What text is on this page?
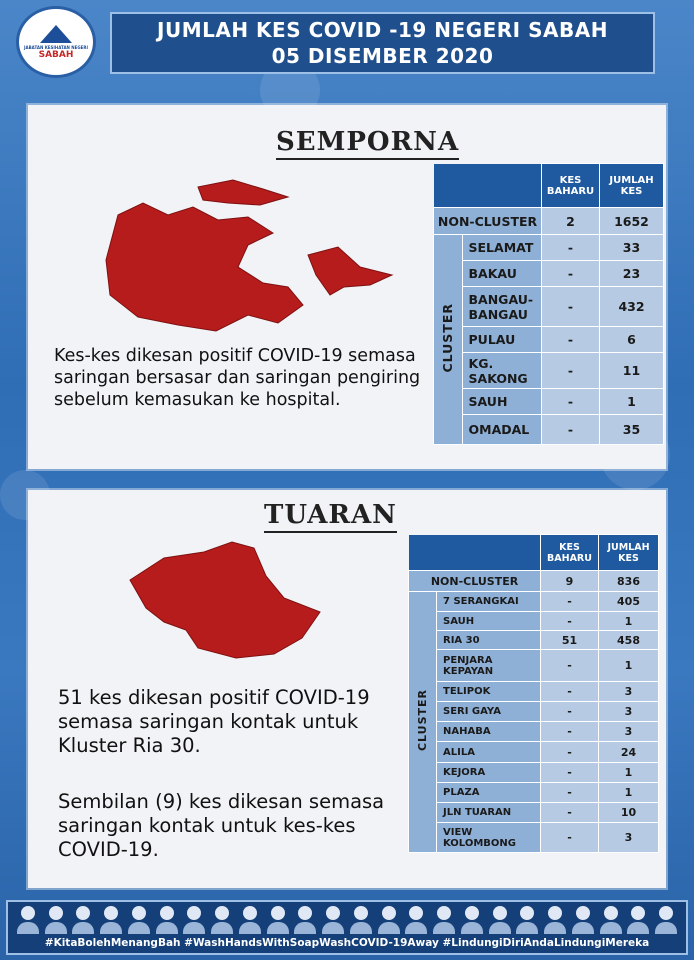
JABATAN KESIHATAN NEGERI
SABAH
JUMLAH KES COVID -19 NEGERI SABAH
05 DISEMBER 2020
SEMPORNA
Kes-kes dikesan positif COVID-19 semasa saringan bersasar dan saringan pengiring sebelum kemasukan ke hospital.
		KES BAHARU	JUMLAH KES
NON-CLUSTER		2	1652
CLUSTER	SELAMAT	-	33
	BAKAU	-	23
	BANGAU-BANGAU	-	432
	PULAU	-	6
	KG. SAKONG	-	11
	SAUH	-	1
	OMADAL	-	35
TUARAN
51 kes dikesan positif COVID-19 semasa saringan kontak untuk Kluster Ria 30.
Sembilan (9) kes dikesan semasa saringan kontak untuk kes-kes COVID-19.
		KES BAHARU	JUMLAH KES
NON-CLUSTER		9	836
CLUSTER	7 SERANGKAI	-	405
	SAUH	-	1
	RIA 30	51	458
	PENJARA KEPAYAN	-	1
	TELIPOK	-	3
	SERI GAYA	-	3
	NAHABA	-	3
	ALILA	-	24
	KEJORA	-	1
	PLAZA	-	1
	JLN TUARAN	-	10
	VIEW KOLOMBONG	-	3
#KitaBolehMenangBah #WashHandsWithSoapWashCOVID-19Away #LindungiDiriAndaLindungiMereka
